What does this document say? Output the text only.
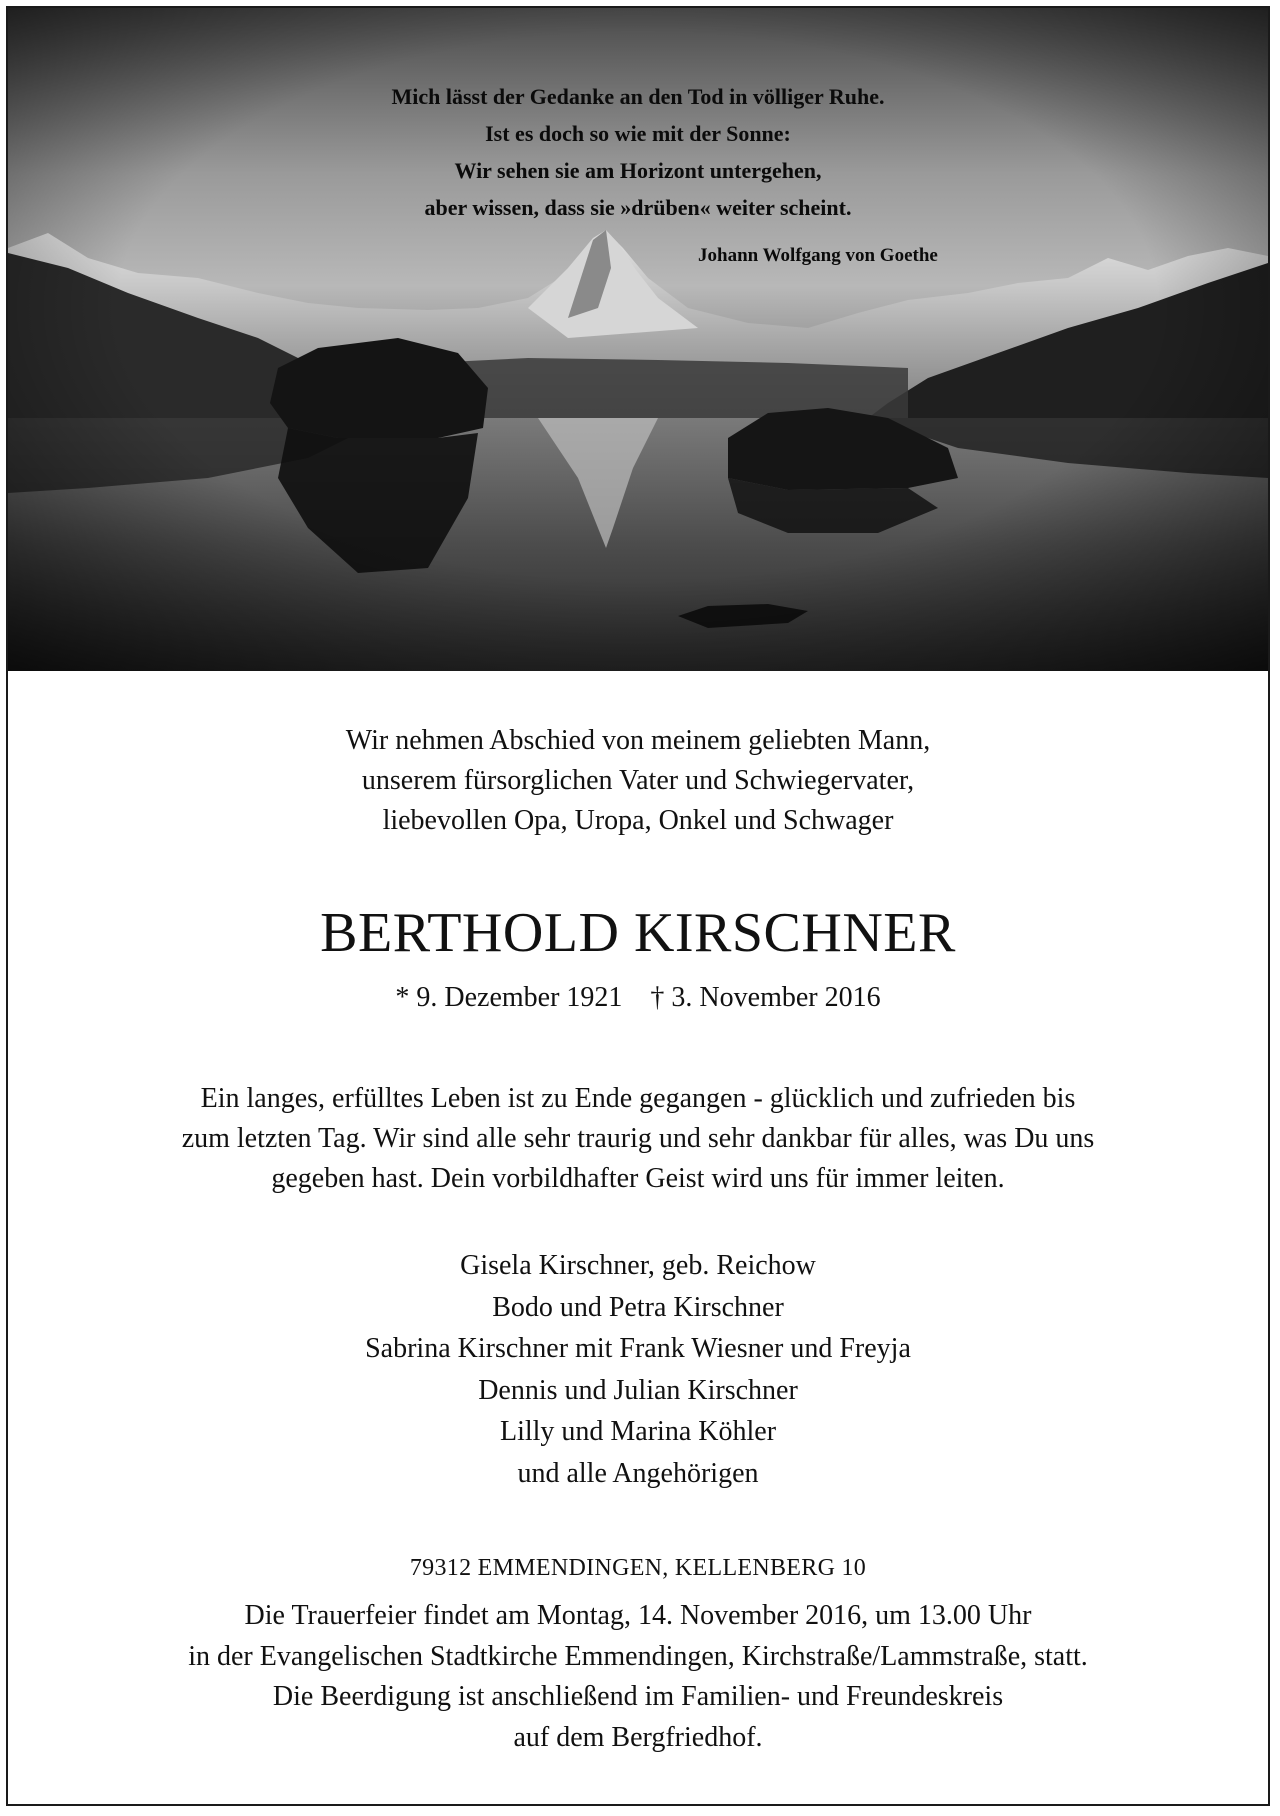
Mich lässt der Gedanke an den Tod in völliger Ruhe.
Ist es doch so wie mit der Sonne:
Wir sehen sie am Horizont untergehen,
aber wissen, dass sie »drüben« weiter scheint.
Johann Wolfgang von Goethe
Wir nehmen Abschied von meinem geliebten Mann,
unserem fürsorglichen Vater und Schwiegervater,
liebevollen Opa, Uropa, Onkel und Schwager
BERTHOLD KIRSCHNER
* 9. Dezember 1921 † 3. November 2016
Ein langes, erfülltes Leben ist zu Ende gegangen - glücklich und zufrieden bis
zum letzten Tag. Wir sind alle sehr traurig und sehr dankbar für alles, was Du uns
gegeben hast. Dein vorbildhafter Geist wird uns für immer leiten.
Gisela Kirschner, geb. Reichow
Bodo und Petra Kirschner
Sabrina Kirschner mit Frank Wiesner und Freyja
Dennis und Julian Kirschner
Lilly und Marina Köhler
und alle Angehörigen
79312 EMMENDINGEN, KELLENBERG 10
Die Trauerfeier findet am Montag, 14. November 2016, um 13.00 Uhr
in der Evangelischen Stadtkirche Emmendingen, Kirchstraße/Lammstraße, statt.
Die Beerdigung ist anschließend im Familien- und Freundeskreis
auf dem Bergfriedhof.
